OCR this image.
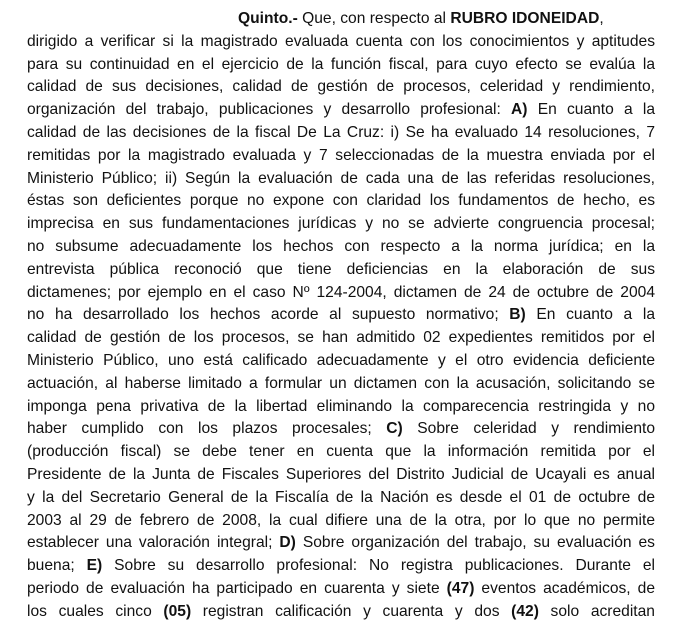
Quinto.- Que, con respecto al RUBRO IDONEIDAD,
dirigido a verificar si la magistrado evaluada cuenta con los conocimientos y aptitudes
para su continuidad en el ejercicio de la función fiscal, para cuyo efecto se evalúa la
calidad de sus decisiones, calidad de gestión de procesos, celeridad y rendimiento,
organización del trabajo, publicaciones y desarrollo profesional: A) En cuanto a la
calidad de las decisiones de la fiscal De La Cruz: i) Se ha evaluado 14 resoluciones, 7
remitidas por la magistrado evaluada y 7 seleccionadas de la muestra enviada por el
Ministerio Público; ii) Según la evaluación de cada una de las referidas resoluciones,
éstas son deficientes porque no expone con claridad los fundamentos de hecho, es
imprecisa en sus fundamentaciones jurídicas y no se advierte congruencia procesal;
no subsume adecuadamente los hechos con respecto a la norma jurídica; en la
entrevista pública reconoció que tiene deficiencias en la elaboración de sus
dictamenes; por ejemplo en el caso Nº 124-2004, dictamen de 24 de octubre de 2004
no ha desarrollado los hechos acorde al supuesto normativo; B) En cuanto a la
calidad de gestión de los procesos, se han admitido 02 expedientes remitidos por el
Ministerio Público, uno está calificado adecuadamente y el otro evidencia deficiente
actuación, al haberse limitado a formular un dictamen con la acusación, solicitando se
imponga pena privativa de la libertad eliminando la comparecencia restringida y no
haber cumplido con los plazos procesales; C) Sobre celeridad y rendimiento
(producción fiscal) se debe tener en cuenta que la información remitida por el
Presidente de la Junta de Fiscales Superiores del Distrito Judicial de Ucayali es anual
y la del Secretario General de la Fiscalía de la Nación es desde el 01 de octubre de
2003 al 29 de febrero de 2008, la cual difiere una de la otra, por lo que no permite
establecer una valoración integral; D) Sobre organización del trabajo, su evaluación es
buena; E) Sobre su desarrollo profesional: No registra publicaciones. Durante el
periodo de evaluación ha participado en cuarenta y siete (47) eventos académicos, de
los cuales cinco (05) registran calificación y cuarenta y dos (42) solo acreditan
